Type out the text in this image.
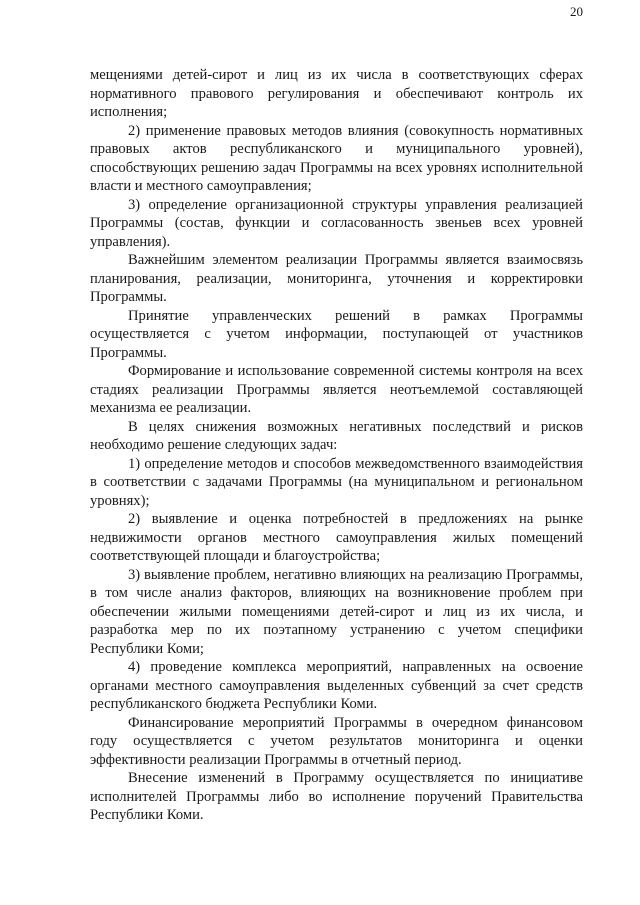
20

мещениями детей-сирот и лиц из их числа в соответствующих сферах нормативного правового регулирования и обеспечивают контроль их исполнения;

2) применение правовых методов влияния (совокупность нормативных правовых актов республиканского и муниципального уровней), способствующих решению задач Программы на всех уровнях исполнительной власти и местного самоуправления;

3) определение организационной структуры управления реализацией Программы (состав, функции и согласованность звеньев всех уровней управления).

Важнейшим элементом реализации Программы является взаимосвязь планирования, реализации, мониторинга, уточнения и корректировки Программы.

Принятие управленческих решений в рамках Программы осуществляется с учетом информации, поступающей от участников Программы.

Формирование и использование современной системы контроля на всех стадиях реализации Программы является неотъемлемой составляющей механизма ее реализации.

В целях снижения возможных негативных последствий и рисков необходимо решение следующих задач:

1) определение методов и способов межведомственного взаимодействия в соответствии с задачами Программы (на муниципальном и региональном уровнях);

2) выявление и оценка потребностей в предложениях на рынке недвижимости органов местного самоуправления жилых помещений соответствующей площади и благоустройства;

3) выявление проблем, негативно влияющих на реализацию Программы, в том числе анализ факторов, влияющих на возникновение проблем при обеспечении жилыми помещениями детей-сирот и лиц из их числа, и разработка мер по их поэтапному устранению с учетом специфики Республики Коми;

4) проведение комплекса мероприятий, направленных на освоение органами местного самоуправления выделенных субвенций за счет средств республиканского бюджета Республики Коми.

Финансирование мероприятий Программы в очередном финансовом году осуществляется с учетом результатов мониторинга и оценки эффективности реализации Программы в отчетный период.

Внесение изменений в Программу осуществляется по инициативе исполнителей Программы либо во исполнение поручений Правительства Республики Коми.
